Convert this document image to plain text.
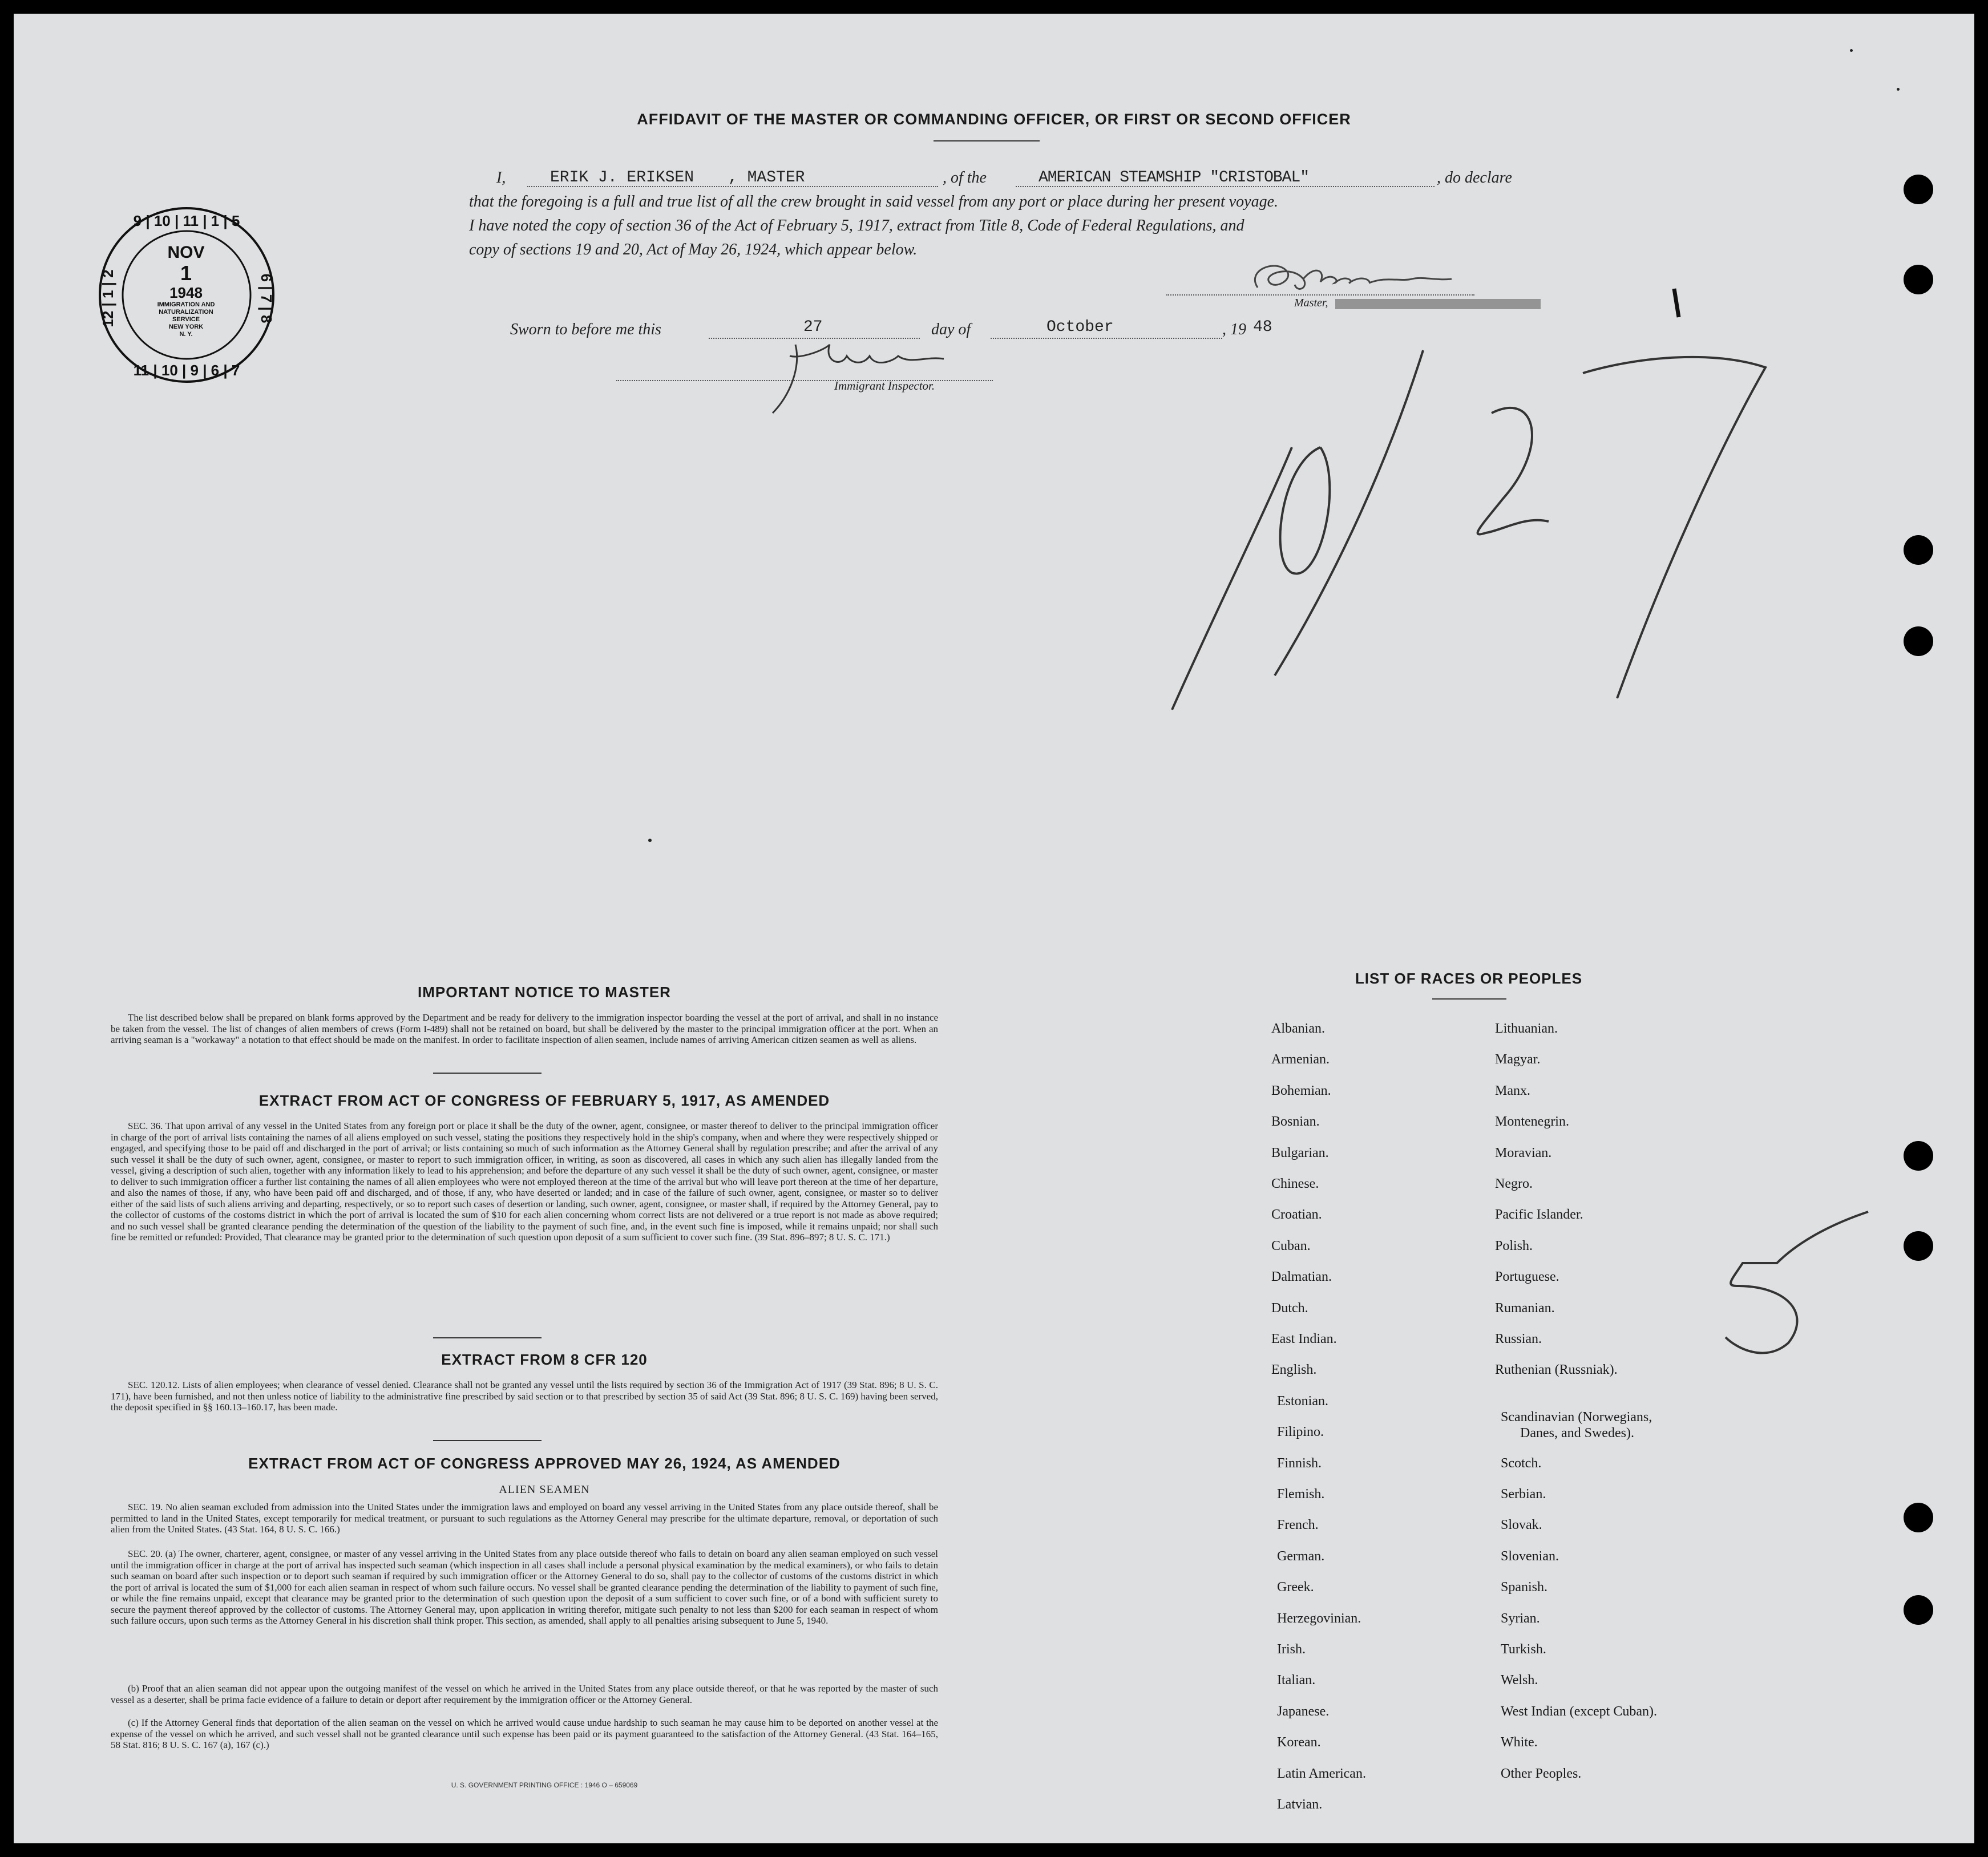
AFFIDAVIT OF THE MASTER OR COMMANDING OFFICER, OR FIRST OR SECOND OFFICER
I,	ERIK J. ERIKSEN , MASTER	, of the	AMERICAN STEAMSHIP "CRISTOBAL"	, do declare
that the foregoing is a full and true list of all the crew brought in said vessel from any port or place during her present voyage.
I have noted the copy of section 36 of the Act of February 5, 1917, extract from Title 8, Code of Federal Regulations, and
copy of sections 19 and 20, Act of May 26, 1924, which appear below.
Master,
Sworn to before me this	27	day of	October	, 19 48
Immigrant Inspector.
9 | 10 | 11 | 1 | 5
11 | 10 | 9 | 6 | 7
12 | 1 | 2	6 | 7 | 8
NOV
1
1948
IMMIGRATION AND
NATURALIZATION
SERVICE
NEW YORK
N. Y.
IMPORTANT NOTICE TO MASTER
The list described below shall be prepared on blank forms approved by the Department and be ready for delivery to the immigration inspector boarding the vessel at the port of arrival, and shall in no instance be taken from the vessel. The list of changes of alien members of crews (Form I-489) shall not be retained on board, but shall be delivered by the master to the principal immigration officer at the port. When an arriving seaman is a "workaway" a notation to that effect should be made on the manifest. In order to facilitate inspection of alien seamen, include names of arriving American citizen seamen as well as aliens.
EXTRACT FROM ACT OF CONGRESS OF FEBRUARY 5, 1917, AS AMENDED
SEC. 36. That upon arrival of any vessel in the United States from any foreign port or place it shall be the duty of the owner, agent, consignee, or master thereof to deliver to the principal immigration officer in charge of the port of arrival lists containing the names of all aliens employed on such vessel, stating the positions they respectively hold in the ship's company, when and where they were respectively shipped or engaged, and specifying those to be paid off and discharged in the port of arrival; or lists containing so much of such information as the Attorney General shall by regulation prescribe; and after the arrival of any such vessel it shall be the duty of such owner, agent, consignee, or master to report to such immigration officer, in writing, as soon as discovered, all cases in which any such alien has illegally landed from the vessel, giving a description of such alien, together with any information likely to lead to his apprehension; and before the departure of any such vessel it shall be the duty of such owner, agent, consignee, or master to deliver to such immigration officer a further list containing the names of all alien employees who were not employed thereon at the time of the arrival but who will leave port thereon at the time of her departure, and also the names of those, if any, who have been paid off and discharged, and of those, if any, who have deserted or landed; and in case of the failure of such owner, agent, consignee, or master so to deliver either of the said lists of such aliens arriving and departing, respectively, or so to report such cases of desertion or landing, such owner, agent, consignee, or master shall, if required by the Attorney General, pay to the collector of customs of the costoms district in which the port of arrival is located the sum of $10 for each alien concerning whom correct lists are not delivered or a true report is not made as above required; and no such vessel shall be granted clearance pending the determination of the question of the liability to the payment of such fine, and, in the event such fine is imposed, while it remains unpaid; nor shall such fine be remitted or refunded: Provided, That clearance may be granted prior to the determination of such question upon deposit of a sum sufficient to cover such fine. (39 Stat. 896–897; 8 U. S. C. 171.)
EXTRACT FROM 8 CFR 120
SEC. 120.12. Lists of alien employees; when clearance of vessel denied. Clearance shall not be granted any vessel until the lists required by section 36 of the Immigration Act of 1917 (39 Stat. 896; 8 U. S. C. 171), have been furnished, and not then unless notice of liability to the administrative fine prescribed by said section or to that prescribed by section 35 of said Act (39 Stat. 896; 8 U. S. C. 169) having been served, the deposit specified in §§ 160.13–160.17, has been made.
EXTRACT FROM ACT OF CONGRESS APPROVED MAY 26, 1924, AS AMENDED
ALIEN SEAMEN
SEC. 19. No alien seaman excluded from admission into the United States under the immigration laws and employed on board any vessel arriving in the United States from any place outside thereof, shall be permitted to land in the United States, except temporarily for medical treatment, or pursuant to such regulations as the Attorney General may prescribe for the ultimate departure, removal, or deportation of such alien from the United States. (43 Stat. 164, 8 U. S. C. 166.)
SEC. 20. (a) The owner, charterer, agent, consignee, or master of any vessel arriving in the United States from any place outside thereof who fails to detain on board any alien seaman employed on such vessel until the immigration officer in charge at the port of arrival has inspected such seaman (which inspection in all cases shall include a personal physical examination by the medical examiners), or who fails to detain such seaman on board after such inspection or to deport such seaman if required by such immigration officer or the Attorney General to do so, shall pay to the collector of customs of the customs district in which the port of arrival is located the sum of $1,000 for each alien seaman in respect of whom such failure occurs. No vessel shall be granted clearance pending the determination of the liability to payment of such fine, or while the fine remains unpaid, except that clearance may be granted prior to the determination of such question upon the deposit of a sum sufficient to cover such fine, or of a bond with sufficient surety to secure the payment thereof approved by the collector of customs. The Attorney General may, upon application in writing therefor, mitigate such penalty to not less than $200 for each seaman in respect of whom such failure occurs, upon such terms as the Attorney General in his discretion shall think proper. This section, as amended, shall apply to all penalties arising subsequent to June 5, 1940.
(b) Proof that an alien seaman did not appear upon the outgoing manifest of the vessel on which he arrived in the United States from any place outside thereof, or that he was reported by the master of such vessel as a deserter, shall be prima facie evidence of a failure to detain or deport after requirement by the immigration officer or the Attorney General.
(c) If the Attorney General finds that deportation of the alien seaman on the vessel on which he arrived would cause undue hardship to such seaman he may cause him to be deported on another vessel at the expense of the vessel on which he arrived, and such vessel shall not be granted clearance until such expense has been paid or its payment guaranteed to the satisfaction of the Attorney General. (43 Stat. 164–165, 58 Stat. 816; 8 U. S. C. 167 (a), 167 (c).)
U. S. GOVERNMENT PRINTING OFFICE : 1946 O – 659069
LIST OF RACES OR PEOPLES
Albanian.
Armenian.
Bohemian.
Bosnian.
Bulgarian.
Chinese.
Croatian.
Cuban.
Dalmatian.
Dutch.
East Indian.
English.
Estonian.
Filipino.
Finnish.
Flemish.
French.
German.
Greek.
Herzegovinian.
Irish.
Italian.
Japanese.
Korean.
Latin American.
Latvian.
Lithuanian.
Magyar.
Manx.
Montenegrin.
Moravian.
Negro.
Pacific Islander.
Polish.
Portuguese.
Rumanian.
Russian.
Ruthenian (Russniak).
Scandinavian (Norwegians,
Danes, and Swedes).
Scotch.
Serbian.
Slovak.
Slovenian.
Spanish.
Syrian.
Turkish.
Welsh.
West Indian (except Cuban).
White.
Other Peoples.
